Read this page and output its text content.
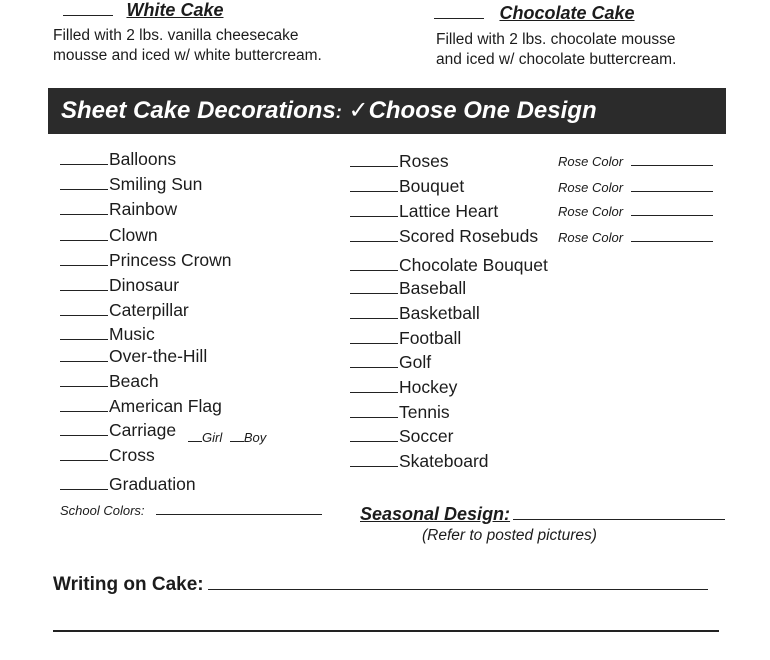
White Cake
Filled with 2 lbs. vanilla cheesecake
mousse and iced w/ white buttercream.
Chocolate Cake
Filled with 2 lbs. chocolate mousse
and iced w/ chocolate buttercream.
Sheet Cake Decorations: ✓Choose One Design
Balloons
Smiling Sun
Rainbow
Clown
Princess Crown
Dinosaur
Caterpillar
Music
Over-the-Hill
Beach
American Flag
Carriage
Cross
Graduation
Girl Boy
Roses
Bouquet
Lattice Heart
Scored Rosebuds
Chocolate Bouquet
Baseball
Basketball
Football
Golf
Hockey
Tennis
Soccer
Skateboard
Rose Color
Rose Color
Rose Color
Rose Color
School Colors:	Seasonal Design:
(Refer to posted pictures)
Writing on Cake:
